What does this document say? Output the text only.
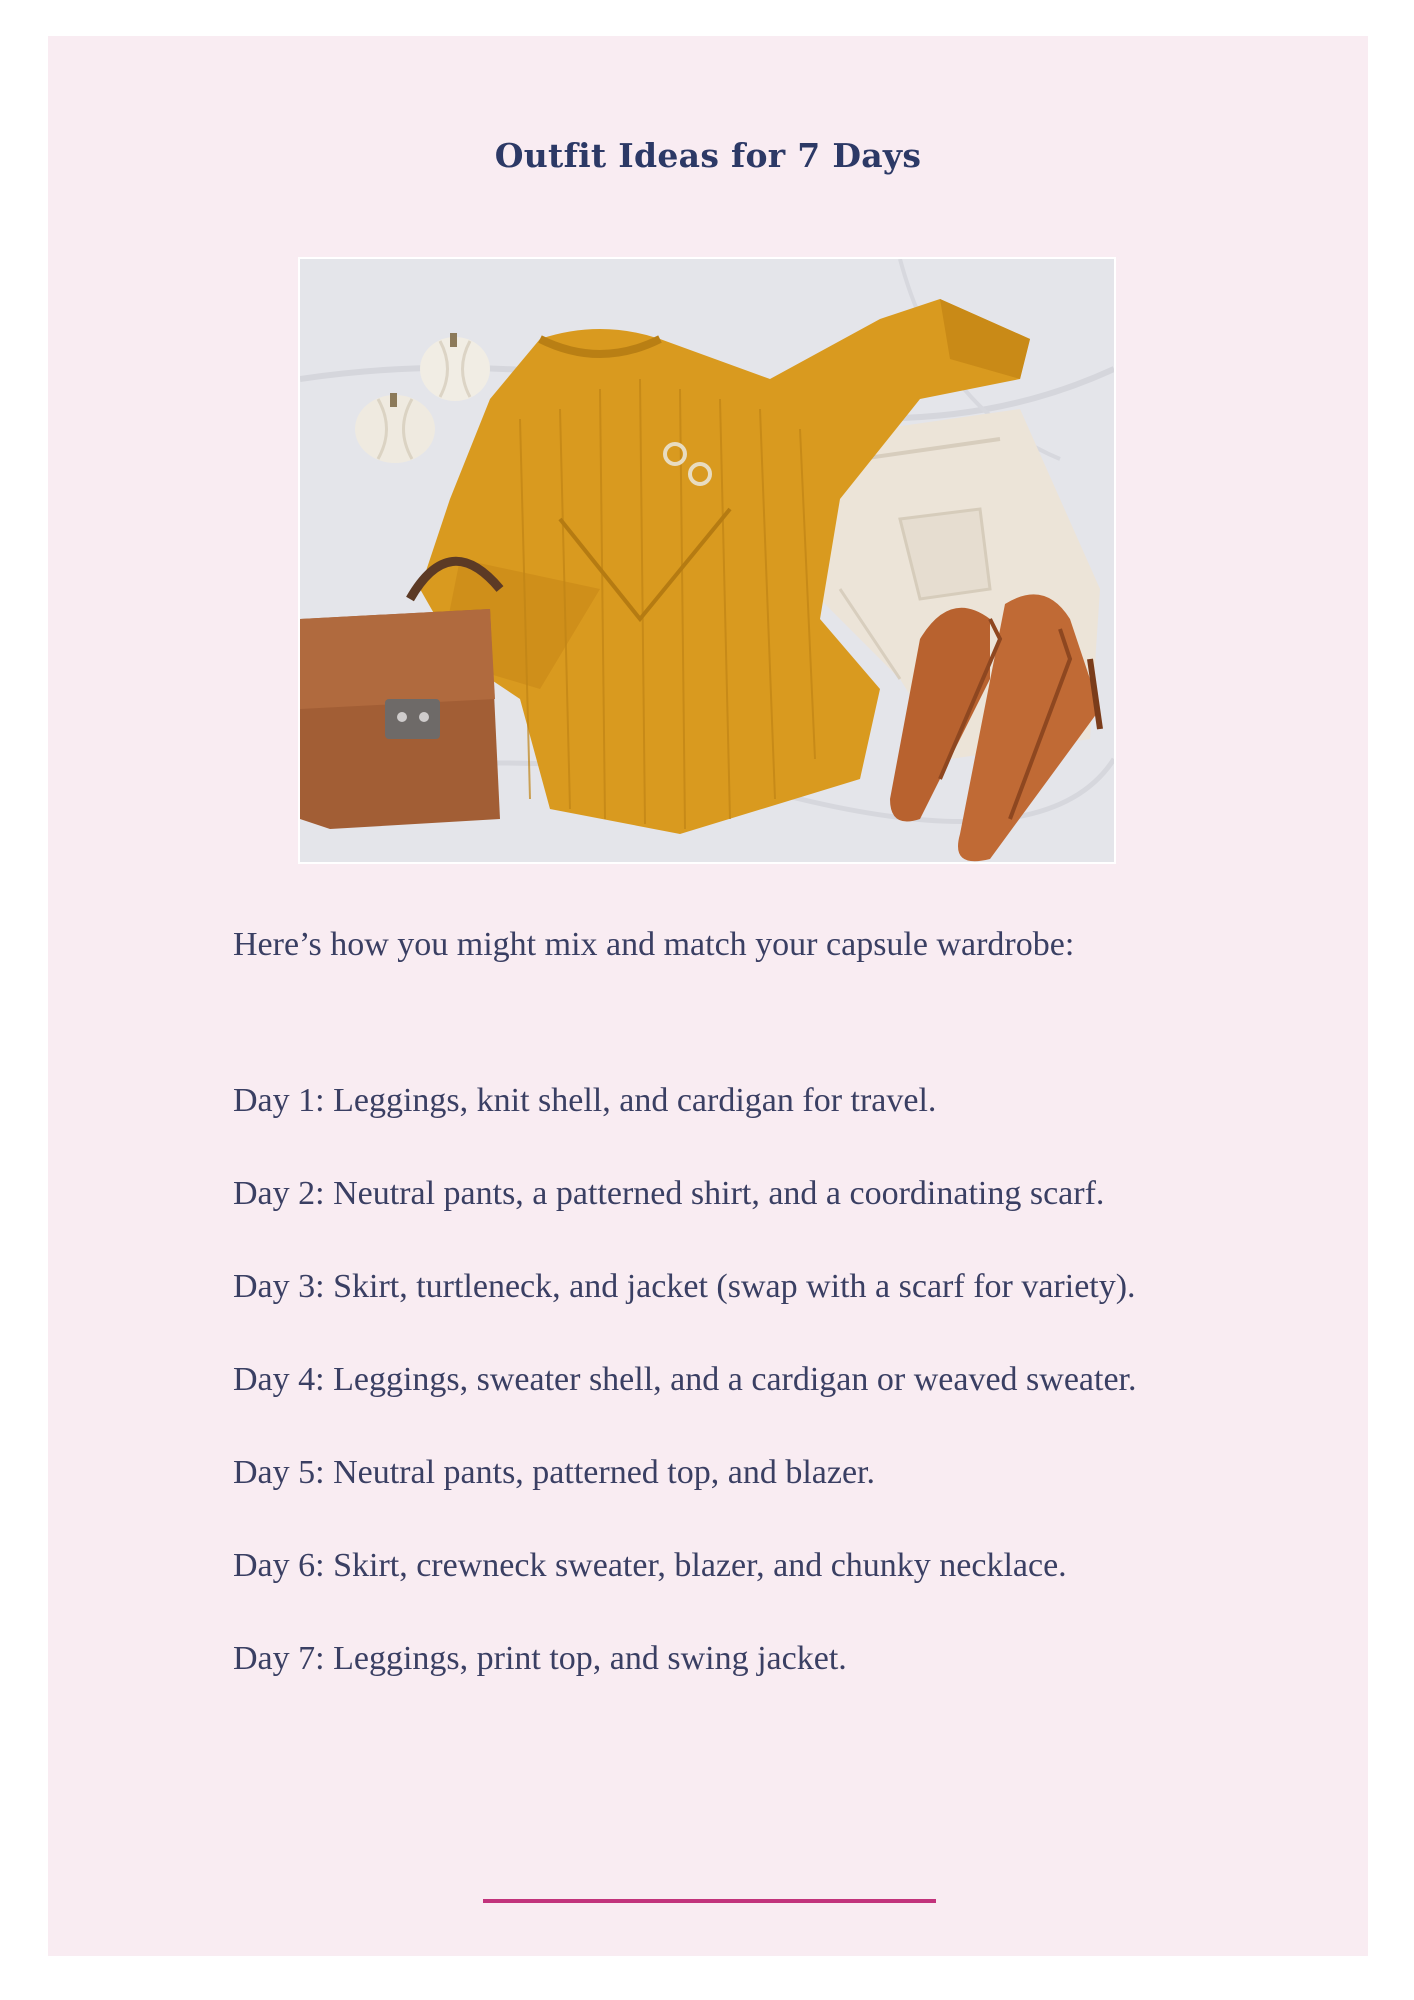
Outfit Ideas for 7 Days

Here’s how you might mix and match your capsule wardrobe:

Day 1: Leggings, knit shell, and cardigan for travel.
Day 2: Neutral pants, a patterned shirt, and a coordinating scarf.
Day 3: Skirt, turtleneck, and jacket (swap with a scarf for variety).
Day 4: Leggings, sweater shell, and a cardigan or weaved sweater.
Day 5: Neutral pants, patterned top, and blazer.
Day 6: Skirt, crewneck sweater, blazer, and chunky necklace.
Day 7: Leggings, print top, and swing jacket.
